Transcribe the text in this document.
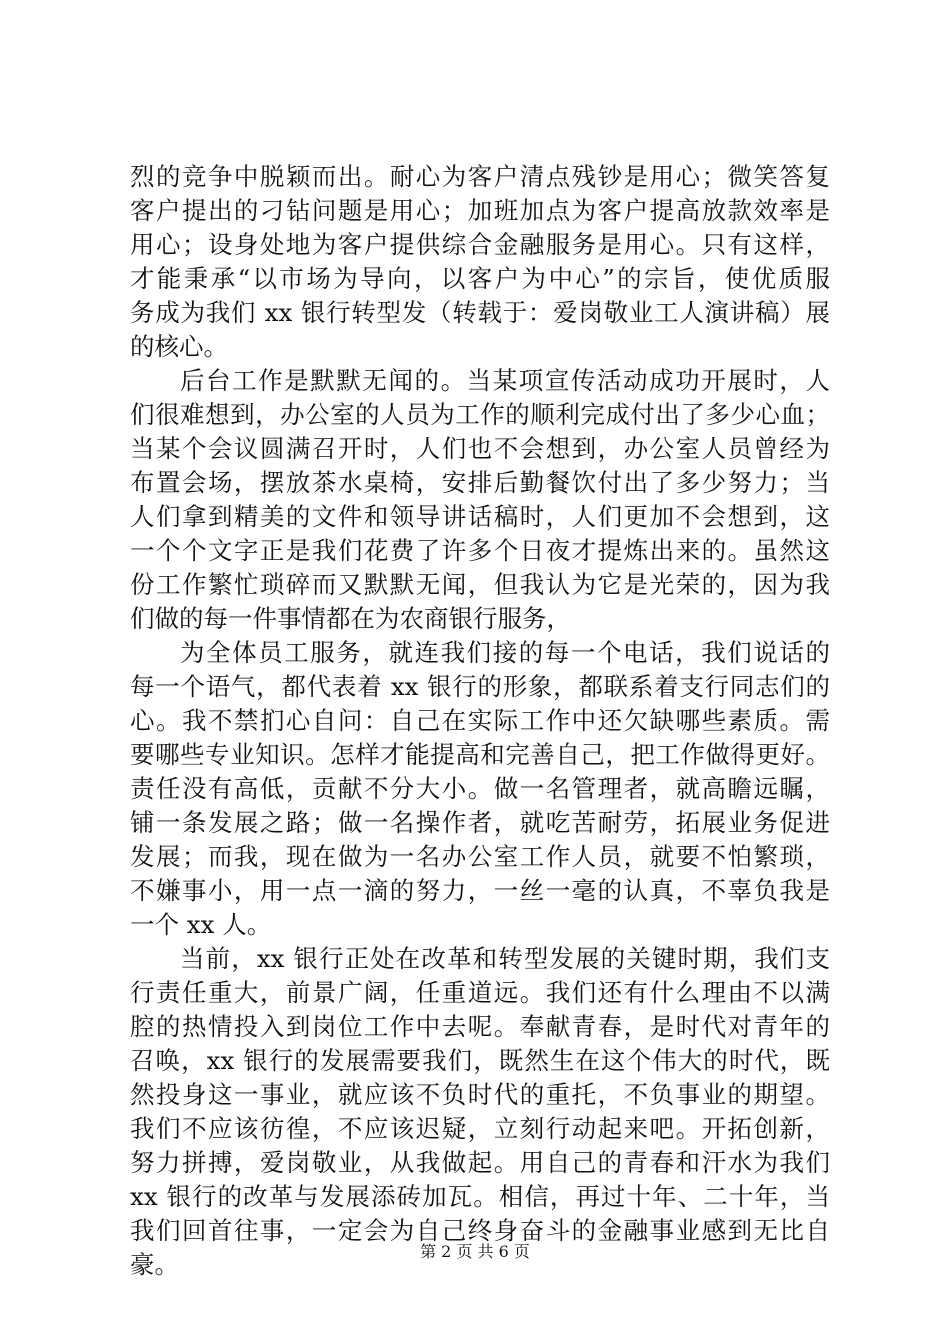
烈的竞争中脱颖而出。耐心为客户清点残钞是用心；微笑答复
客户提出的刁钻问题是用心；加班加点为客户提高放款效率是
用心；设身处地为客户提供综合金融服务是用心。只有这样，
才能秉承“以市场为导向，以客户为中心”的宗旨，使优质服
务成为我们 xx 银行转型发（转载于：爱岗敬业工人演讲稿）展
的核心。
后台工作是默默无闻的。当某项宣传活动成功开展时，人
们很难想到，办公室的人员为工作的顺利完成付出了多少心血；
当某个会议圆满召开时，人们也不会想到，办公室人员曾经为
布置会场，摆放茶水桌椅，安排后勤餐饮付出了多少努力；当
人们拿到精美的文件和领导讲话稿时，人们更加不会想到，这
一个个文字正是我们花费了许多个日夜才提炼出来的。虽然这
份工作繁忙琐碎而又默默无闻，但我认为它是光荣的，因为我
们做的每一件事情都在为农商银行服务，
为全体员工服务，就连我们接的每一个电话，我们说话的
每一个语气，都代表着 xx 银行的形象，都联系着支行同志们的
心。我不禁扪心自问：自己在实际工作中还欠缺哪些素质。需
要哪些专业知识。怎样才能提高和完善自己，把工作做得更好。
责任没有高低，贡献不分大小。做一名管理者，就高瞻远瞩，
铺一条发展之路；做一名操作者，就吃苦耐劳，拓展业务促进
发展；而我，现在做为一名办公室工作人员，就要不怕繁琐，
不嫌事小，用一点一滴的努力，一丝一毫的认真，不辜负我是
一个 xx 人。
当前，xx 银行正处在改革和转型发展的关键时期，我们支
行责任重大，前景广阔，任重道远。我们还有什么理由不以满
腔的热情投入到岗位工作中去呢。奉献青春，是时代对青年的
召唤，xx 银行的发展需要我们，既然生在这个伟大的时代，既
然投身这一事业，就应该不负时代的重托，不负事业的期望。
我们不应该彷徨，不应该迟疑，立刻行动起来吧。开拓创新，
努力拼搏，爱岗敬业，从我做起。用自己的青春和汗水为我们
xx 银行的改革与发展添砖加瓦。相信，再过十年、二十年，当
我们回首往事，一定会为自己终身奋斗的金融事业感到无比自
豪。	第 2 页 共 6 页
